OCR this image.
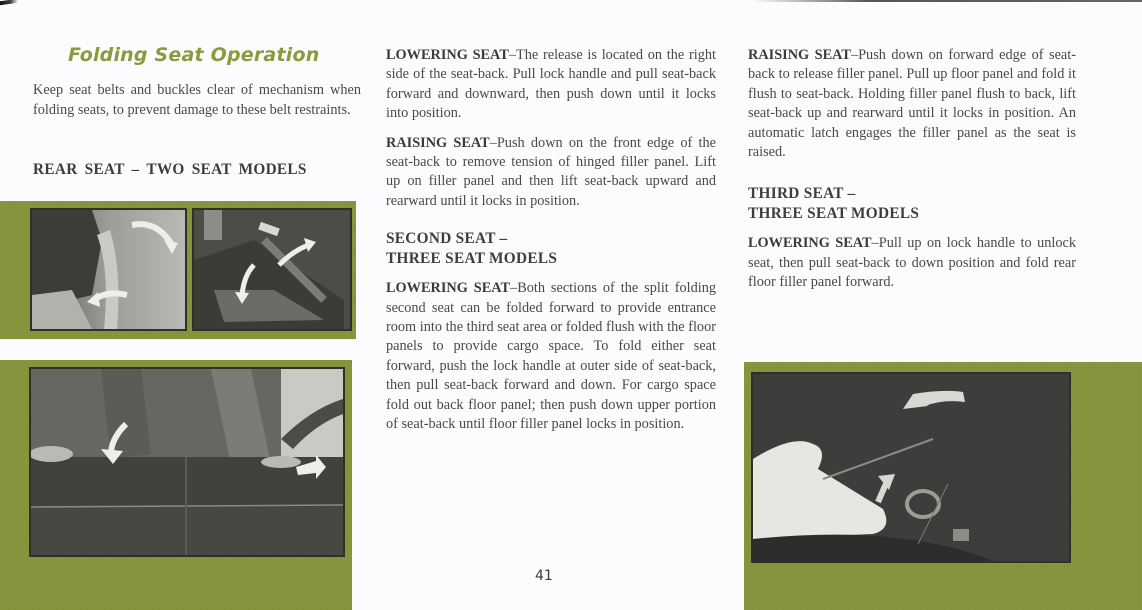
Folding Seat Operation
Keep seat belts and buckles clear of mechanism when folding seats, to prevent damage to these belt restraints.
REAR SEAT – TWO SEAT MODELS

LOWERING SEAT–The release is located on the right side of the seat-back. Pull lock handle and pull seat-back forward and downward, then push down until it locks into position.

RAISING SEAT–Push down on the front edge of the seat-back to remove tension of hinged filler panel. Lift up on filler panel and then lift seat-back upward and rearward until it locks in position.

SECOND SEAT –
THREE SEAT MODELS

LOWERING SEAT–Both sections of the split folding second seat can be folded forward to provide entrance room into the third seat area or folded flush with the floor panels to provide cargo space. To fold either seat forward, push the lock handle at outer side of seat-back, then pull seat-back forward and down. For cargo space fold out back floor panel; then push down upper portion of seat-back until floor filler panel locks in position.

41

RAISING SEAT–Push down on forward edge of seat-back to release filler panel. Pull up floor panel and fold it flush to seat-back. Holding filler panel flush to back, lift seat-back up and rearward until it locks in position. An automatic latch engages the filler panel as the seat is raised.

THIRD SEAT –
THREE SEAT MODELS

LOWERING SEAT–Pull up on lock handle to unlock seat, then pull seat-back to down position and fold rear floor filler panel forward.
